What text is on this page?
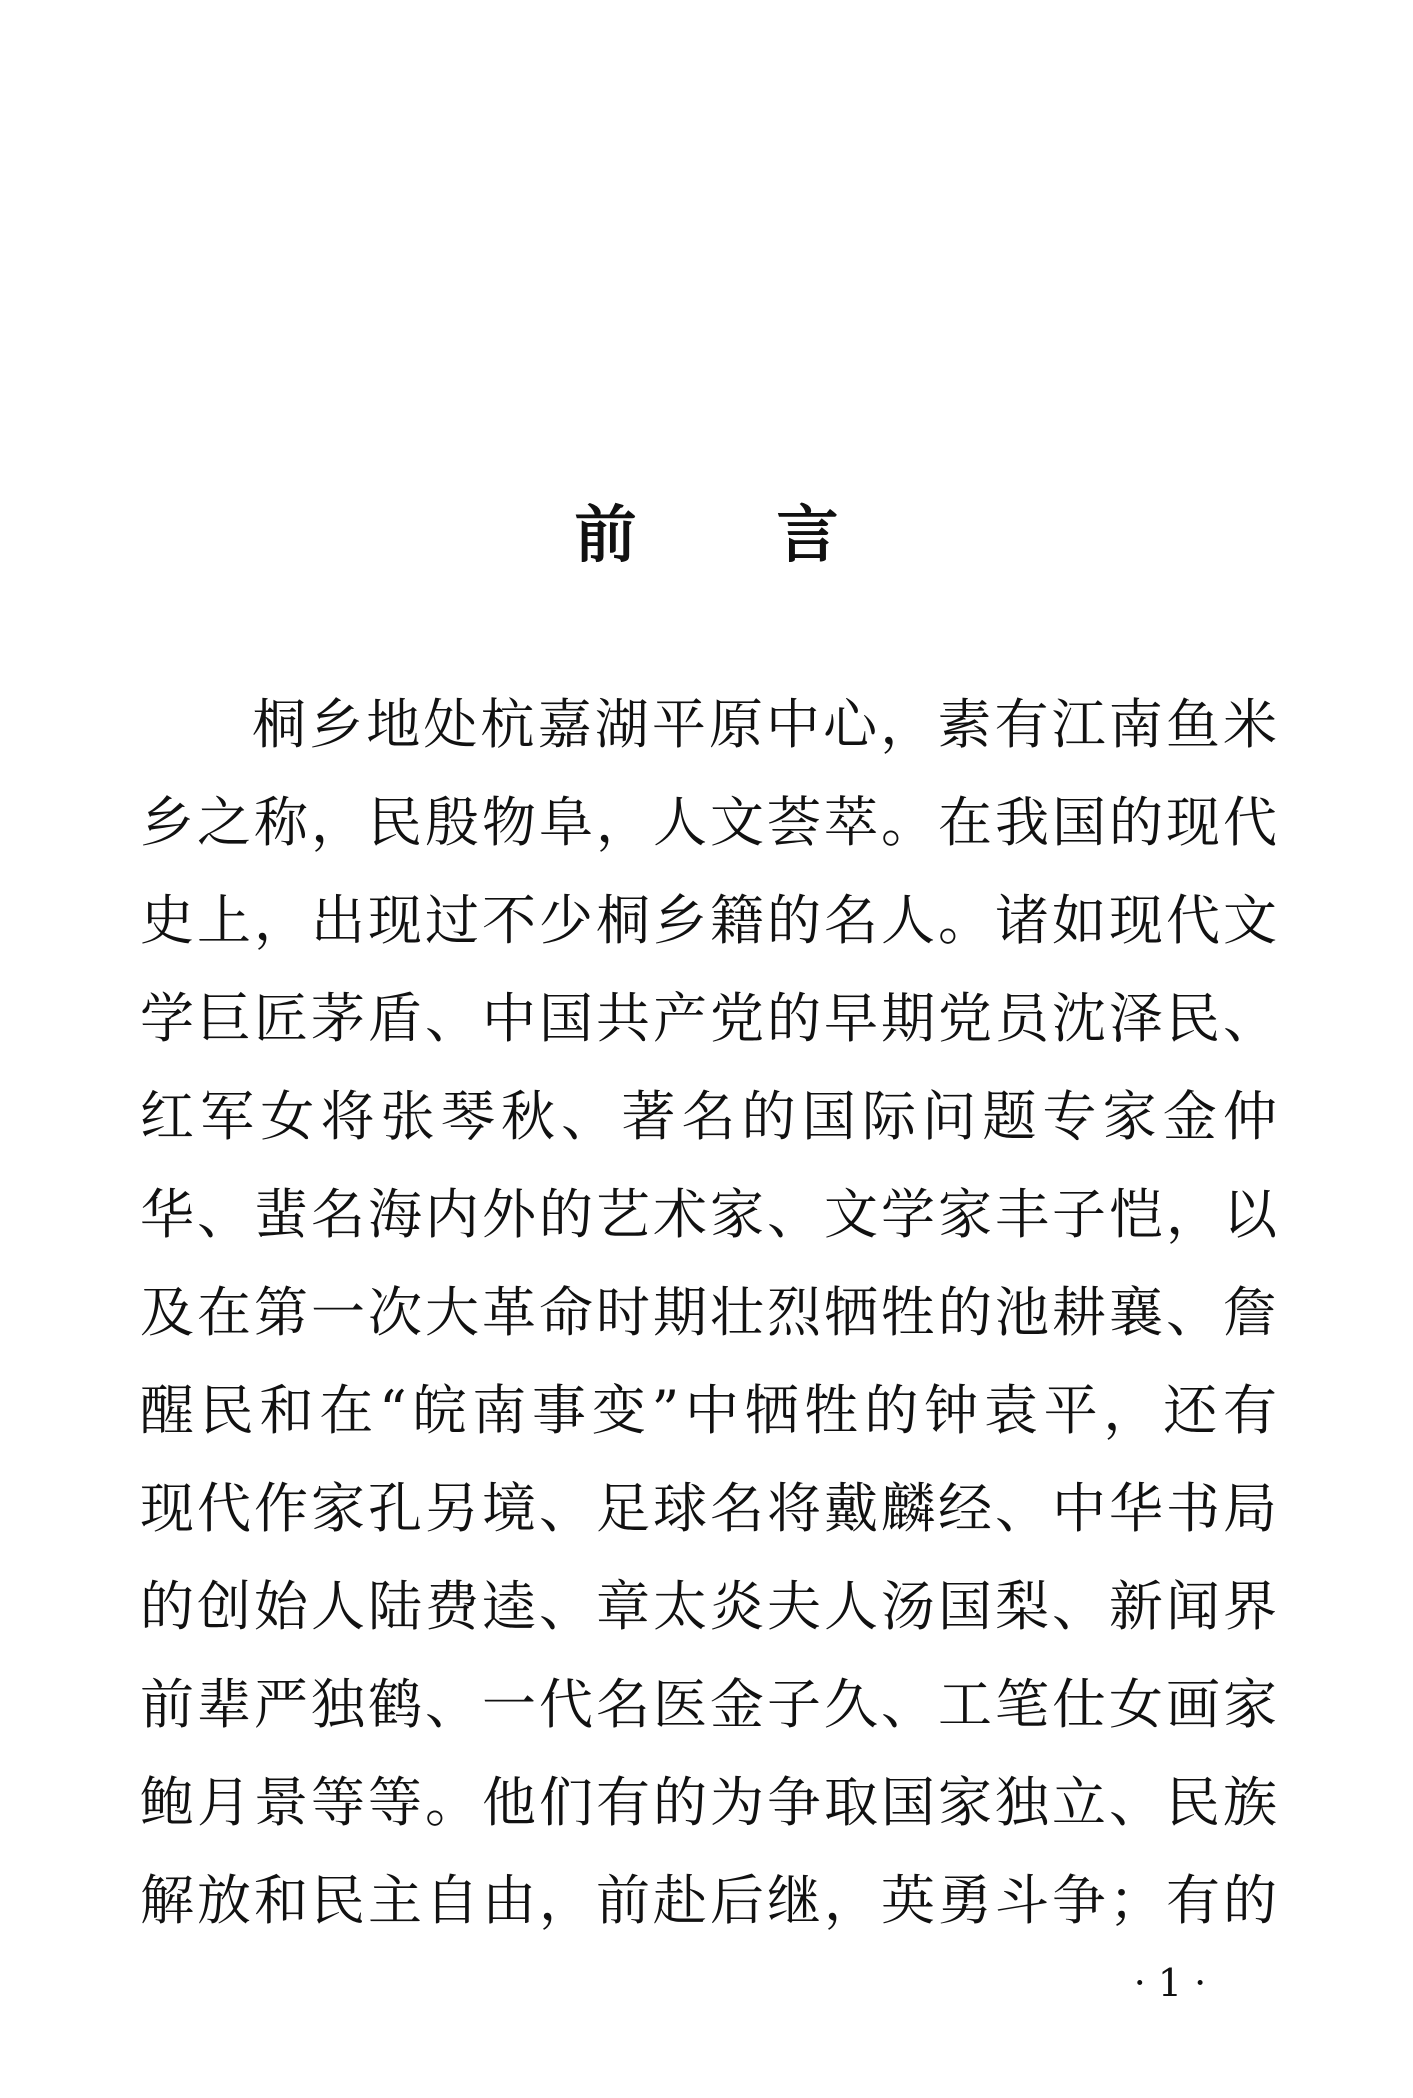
前言
桐乡地处杭嘉湖平原中心，素有江南鱼米
乡之称，民殷物阜，人文荟萃。在我国的现代
史上，出现过不少桐乡籍的名人。诸如现代文
学巨匠茅盾、中国共产党的早期党员沈泽民、
红军女将张琴秋、著名的国际问题专家金仲
华、蜚名海内外的艺术家、文学家丰子恺，以
及在第一次大革命时期壮烈牺牲的池耕襄、詹
醒民和在“皖南事变”中牺牲的钟袁平，还有
现代作家孔另境、足球名将戴麟经、中华书局
的创始人陆费逵、章太炎夫人汤国梨、新闻界
前辈严独鹤、一代名医金子久、工笔仕女画家
鲍月景等等。他们有的为争取国家独立、民族
解放和民主自由，前赴后继，英勇斗争；有的
· 1 ·
